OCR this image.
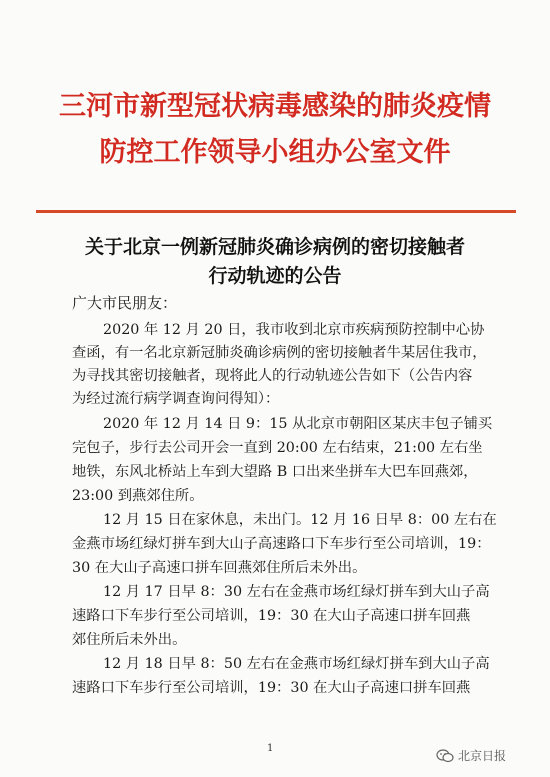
三河市新型冠状病毒感染的肺炎疫情
防控工作领导小组办公室文件
关于北京一例新冠肺炎确诊病例的密切接触者
行动轨迹的公告
广大市民朋友：
2020 年 12 月 20 日，我市收到北京市疾病预防控制中心协
查函，有一名北京新冠肺炎确诊病例的密切接触者牛某居住我市，
为寻找其密切接触者，现将此人的行动轨迹公告如下（公告内容
为经过流行病学调查询问得知）：
2020 年 12 月 14 日 9：15 从北京市朝阳区某庆丰包子铺买
完包子，步行去公司开会一直到 20:00 左右结束，21:00 左右坐
地铁，东风北桥站上车到大望路 B 口出来坐拼车大巴车回燕郊，
23:00 到燕郊住所。
12 月 15 日在家休息，未出门。12 月 16 日早 8：00 左右在
金燕市场红绿灯拼车到大山子高速路口下车步行至公司培训，19：
30 在大山子高速口拼车回燕郊住所后未外出。
12 月 17 日早 8：30 左右在金燕市场红绿灯拼车到大山子高
速路口下车步行至公司培训，19：30 在大山子高速口拼车回燕
郊住所后未外出。
12 月 18 日早 8：50 左右在金燕市场红绿灯拼车到大山子高
速路口下车步行至公司培训，19：30 在大山子高速口拼车回燕
1
北京日报
